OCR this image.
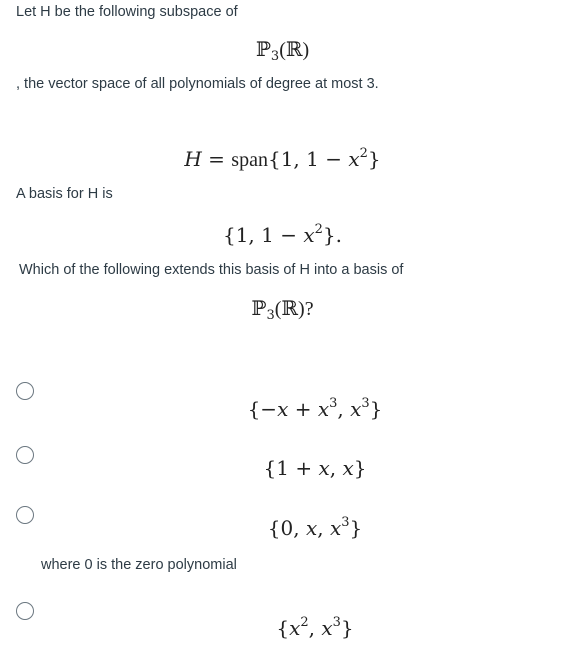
Let H be the following subspace of
ℙ$_3$(ℝ)
, the vector space of all polynomials of degree at most 3.
H = span{1, $1 - x^2$}
A basis for H is
{1, $1 - x^2$}.
Which of the following extends this basis of H into a basis of
ℙ$_3$(ℝ)?
{$-x + x^3$, $x^3$}
{1 + x, x}
{0, x, $x^3$}
where 0 is the zero polynomial
{$x^2$, $x^3$}
